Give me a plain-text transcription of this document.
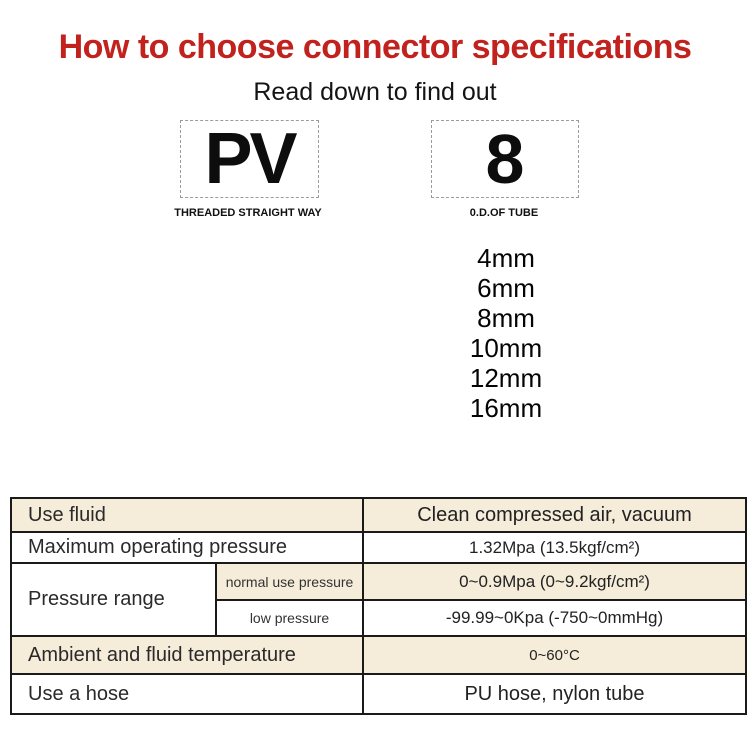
How to choose connector specifications
Read down to find out
PV	8
THREADED STRAIGHT WAY	0.D.OF TUBE
4mm
6mm
8mm
10mm
12mm
16mm
Use fluid		Clean compressed air, vacuum
Maximum operating pressure		1.32Mpa (13.5kgf/cm²)
Pressure range	normal use pressure	0~0.9Mpa (0~9.2kgf/cm²)
	low pressure	-99.99~0Kpa (-750~0mmHg)
Ambient and fluid temperature		0~60°C
Use a hose		PU hose, nylon tube
